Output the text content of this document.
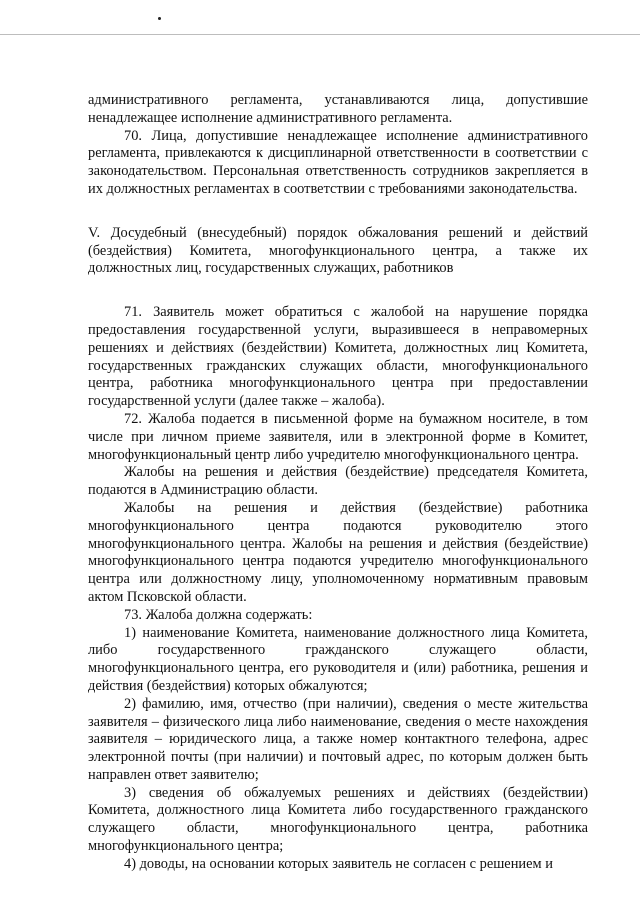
административного регламента, устанавливаются лица, допустившие ненадлежащее исполнение административного регламента.

70. Лица, допустившие ненадлежащее исполнение административного регламента, привлекаются к дисциплинарной ответственности в соответствии с законодательством. Персональная ответственность сотрудников закрепляется в их должностных регламентах в соответствии с требованиями законодательства.

V. Досудебный (внесудебный) порядок обжалования решений и действий (бездействия) Комитета, многофункционального центра, а также их должностных лиц, государственных служащих, работников

71. Заявитель может обратиться с жалобой на нарушение порядка предоставления государственной услуги, выразившееся в неправомерных решениях и действиях (бездействии) Комитета, должностных лиц Комитета, государственных гражданских служащих области, многофункционального центра, работника многофункционального центра при предоставлении государственной услуги (далее также – жалоба).

72. Жалоба подается в письменной форме на бумажном носителе, в том числе при личном приеме заявителя, или в электронной форме в Комитет, многофункциональный центр либо учредителю многофункционального центра.

Жалобы на решения и действия (бездействие) председателя Комитета, подаются в Администрацию области.

Жалобы на решения и действия (бездействие) работника многофункционального центра подаются руководителю этого многофункционального центра. Жалобы на решения и действия (бездействие) многофункционального центра подаются учредителю многофункционального центра или должностному лицу, уполномоченному нормативным правовым актом Псковской области.

73. Жалоба должна содержать:

1) наименование Комитета, наименование должностного лица Комитета, либо государственного гражданского служащего области, многофункционального центра, его руководителя и (или) работника, решения и действия (бездействия) которых обжалуются;

2) фамилию, имя, отчество (при наличии), сведения о месте жительства заявителя – физического лица либо наименование, сведения о месте нахождения заявителя – юридического лица, а также номер контактного телефона, адрес электронной почты (при наличии) и почтовый адрес, по которым должен быть направлен ответ заявителю;

3) сведения об обжалуемых решениях и действиях (бездействии) Комитета, должностного лица Комитета либо государственного гражданского служащего области, многофункционального центра, работника многофункционального центра;

4) доводы, на основании которых заявитель не согласен с решением и
